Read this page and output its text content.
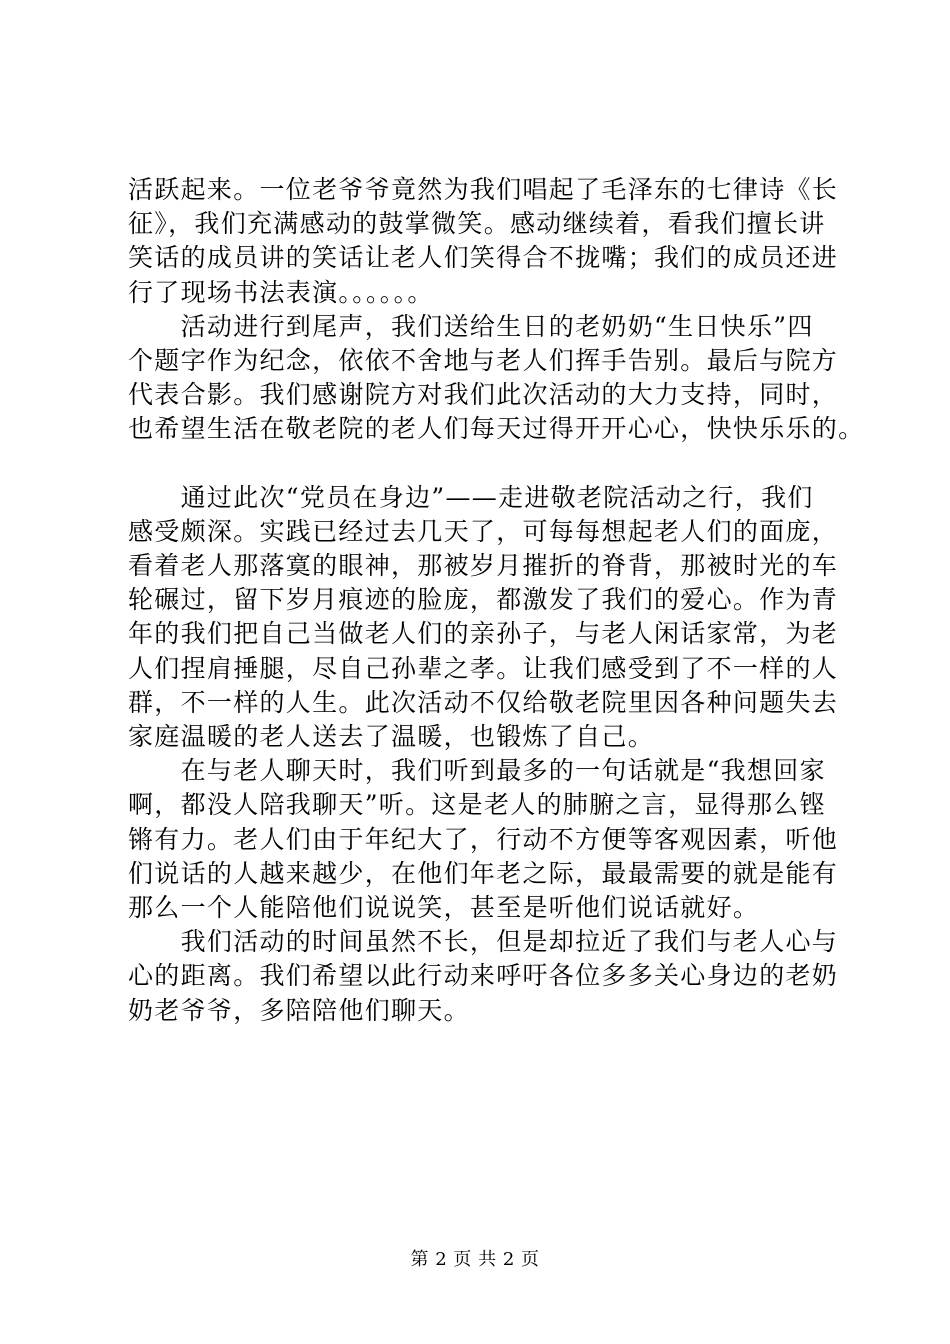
活跃起来。一位老爷爷竟然为我们唱起了毛泽东的七律诗《长
征》，我们充满感动的鼓掌微笑。感动继续着，看我们擅长讲
笑话的成员讲的笑话让老人们笑得合不拢嘴；我们的成员还进
行了现场书法表演。。。。。。

　　活动进行到尾声，我们送给生日的老奶奶“生日快乐”四
个题字作为纪念，依依不舍地与老人们挥手告别。最后与院方
代表合影。我们感谢院方对我们此次活动的大力支持，同时，
也希望生活在敬老院的老人们每天过得开开心心，快快乐乐的。

　　通过此次“党员在身边”——走进敬老院活动之行，我们
感受颇深。实践已经过去几天了，可每每想起老人们的面庞，
看着老人那落寞的眼神，那被岁月摧折的脊背，那被时光的车
轮碾过，留下岁月痕迹的脸庞，都激发了我们的爱心。作为青
年的我们把自己当做老人们的亲孙子，与老人闲话家常，为老
人们捏肩捶腿，尽自己孙辈之孝。让我们感受到了不一样的人
群，不一样的人生。此次活动不仅给敬老院里因各种问题失去
家庭温暖的老人送去了温暖，也锻炼了自己。

　　在与老人聊天时，我们听到最多的一句话就是“我想回家
啊，都没人陪我聊天”听。这是老人的肺腑之言，显得那么铿
锵有力。老人们由于年纪大了，行动不方便等客观因素，听他
们说话的人越来越少，在他们年老之际，最最需要的就是能有
那么一个人能陪他们说说笑，甚至是听他们说话就好。

　　我们活动的时间虽然不长，但是却拉近了我们与老人心与
心的距离。我们希望以此行动来呼吁各位多多关心身边的老奶
奶老爷爷，多陪陪他们聊天。

第 2 页 共 2 页
